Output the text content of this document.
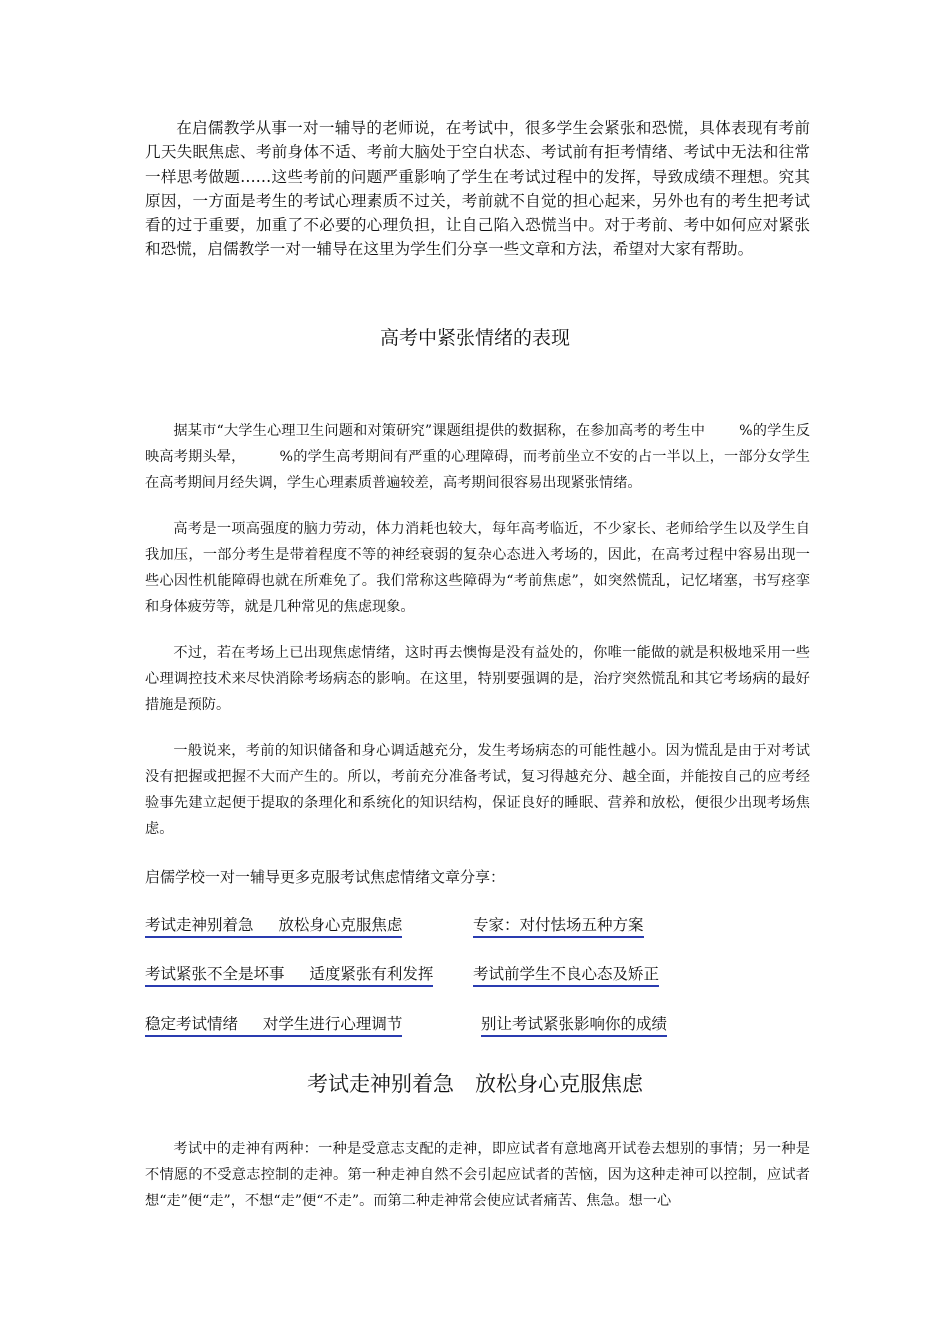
在启儒教学从事一对一辅导的老师说，在考试中，很多学生会紧张和恐慌，具体表现有考前几天失眠焦虑、考前身体不适、考前大脑处于空白状态、考试前有拒考情绪、考试中无法和往常一样思考做题……这些考前的问题严重影响了学生在考试过程中的发挥，导致成绩不理想。究其原因，一方面是考生的考试心理素质不过关，考前就不自觉的担心起来，另外也有的考生把考试看的过于重要，加重了不必要的心理负担，让自己陷入恐慌当中。对于考前、考中如何应对紧张和恐慌，启儒教学一对一辅导在这里为学生们分享一些文章和方法，希望对大家有帮助。

高考中紧张情绪的表现

据某市“大学生心理卫生问题和对策研究”课题组提供的数据称，在参加高考的考生中 %的学生反映高考期头晕， %的学生高考期间有严重的心理障碍，而考前坐立不安的占一半以上，一部分女学生在高考期间月经失调，学生心理素质普遍较差，高考期间很容易出现紧张情绪。

高考是一项高强度的脑力劳动，体力消耗也较大，每年高考临近，不少家长、老师给学生以及学生自我加压，一部分考生是带着程度不等的神经衰弱的复杂心态进入考场的，因此，在高考过程中容易出现一些心因性机能障碍也就在所难免了。我们常称这些障碍为“考前焦虑”，如突然慌乱，记忆堵塞，书写痉挛和身体疲劳等，就是几种常见的焦虑现象。

不过，若在考场上已出现焦虑情绪，这时再去懊悔是没有益处的，你唯一能做的就是积极地采用一些心理调控技术来尽快消除考场病态的影响。在这里，特别要强调的是，治疗突然慌乱和其它考场病的最好措施是预防。

一般说来，考前的知识储备和身心调适越充分，发生考场病态的可能性越小。因为慌乱是由于对考试没有把握或把握不大而产生的。所以，考前充分准备考试，复习得越充分、越全面，并能按自己的应考经验事先建立起便于提取的条理化和系统化的知识结构，保证良好的睡眠、营养和放松，便很少出现考场焦虑。

启儒学校一对一辅导更多克服考试焦虑情绪文章分享：

考试走神别着急 放松身心克服焦虑	专家：对付怯场五种方案
考试紧张不全是坏事 适度紧张有利发挥	考试前学生不良心态及矫正
稳定考试情绪 对学生进行心理调节	别让考试紧张影响你的成绩
考试走神别着急 放松身心克服焦虑

考试中的走神有两种：一种是受意志支配的走神，即应试者有意地离开试卷去想别的事情；另一种是不情愿的不受意志控制的走神。第一种走神自然不会引起应试者的苦恼，因为这种走神可以控制，应试者想“走”便“走”，不想“走”便“不走”。而第二种走神常会使应试者痛苦、焦急。想一心
